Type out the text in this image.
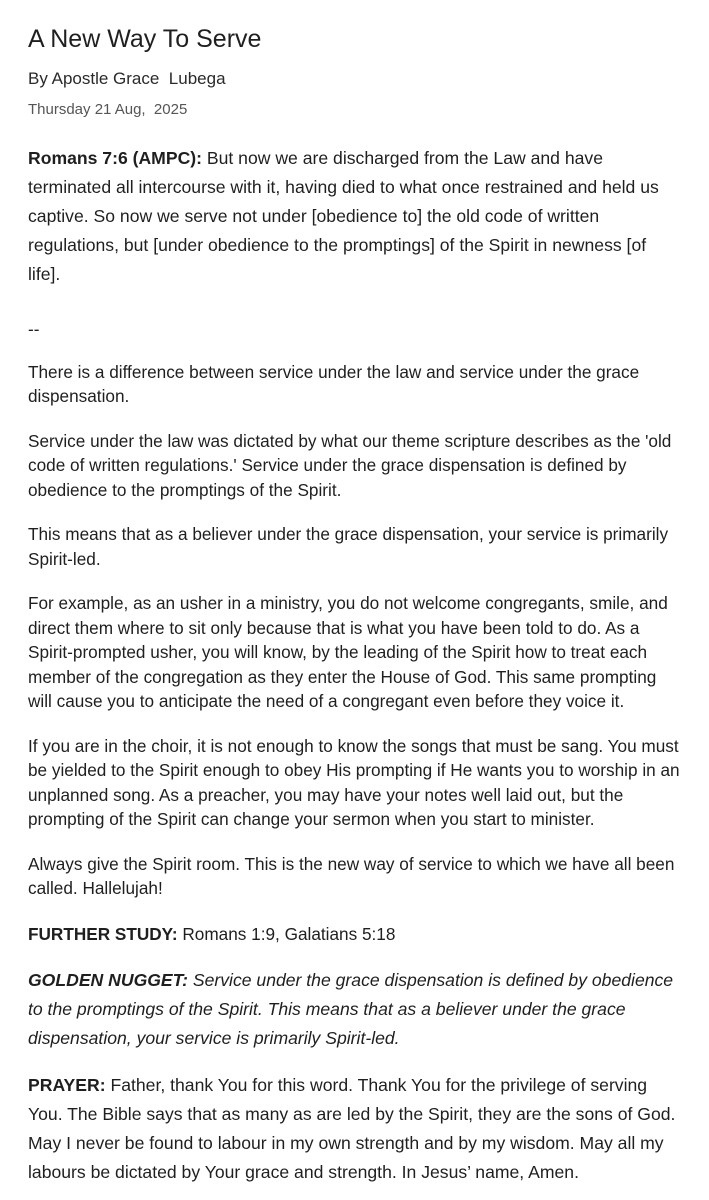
A New Way To Serve

By Apostle Grace  Lubega

Thursday 21 Aug,  2025

Romans 7:6 (AMPC): But now we are discharged from the Law and have terminated all intercourse with it, having died to what once restrained and held us captive. So now we serve not under [obedience to] the old code of written regulations, but [under obedience to the promptings] of the Spirit in newness [of life].

--

There is a difference between service under the law and service under the grace dispensation.

Service under the law was dictated by what our theme scripture describes as the 'old code of written regulations.' Service under the grace dispensation is defined by obedience to the promptings of the Spirit.

This means that as a believer under the grace dispensation, your service is primarily Spirit-led.

For example, as an usher in a ministry, you do not welcome congregants, smile, and direct them where to sit only because that is what you have been told to do. As a Spirit-prompted usher, you will know, by the leading of the Spirit how to treat each member of the congregation as they enter the House of God. This same prompting will cause you to anticipate the need of a congregant even before they voice it.

If you are in the choir, it is not enough to know the songs that must be sang. You must be yielded to the Spirit enough to obey His prompting if He wants you to worship in an unplanned song. As a preacher, you may have your notes well laid out, but the prompting of the Spirit can change your sermon when you start to minister.

Always give the Spirit room. This is the new way of service to which we have all been called. Hallelujah!

FURTHER STUDY: Romans 1:9, Galatians 5:18

GOLDEN NUGGET: Service under the grace dispensation is defined by obedience to the promptings of the Spirit. This means that as a believer under the grace dispensation, your service is primarily Spirit-led.

PRAYER: Father, thank You for this word. Thank You for the privilege of serving You. The Bible says that as many as are led by the Spirit, they are the sons of God. May I never be found to labour in my own strength and by my wisdom. May all my labours be dictated by Your grace and strength. In Jesus’ name, Amen.
